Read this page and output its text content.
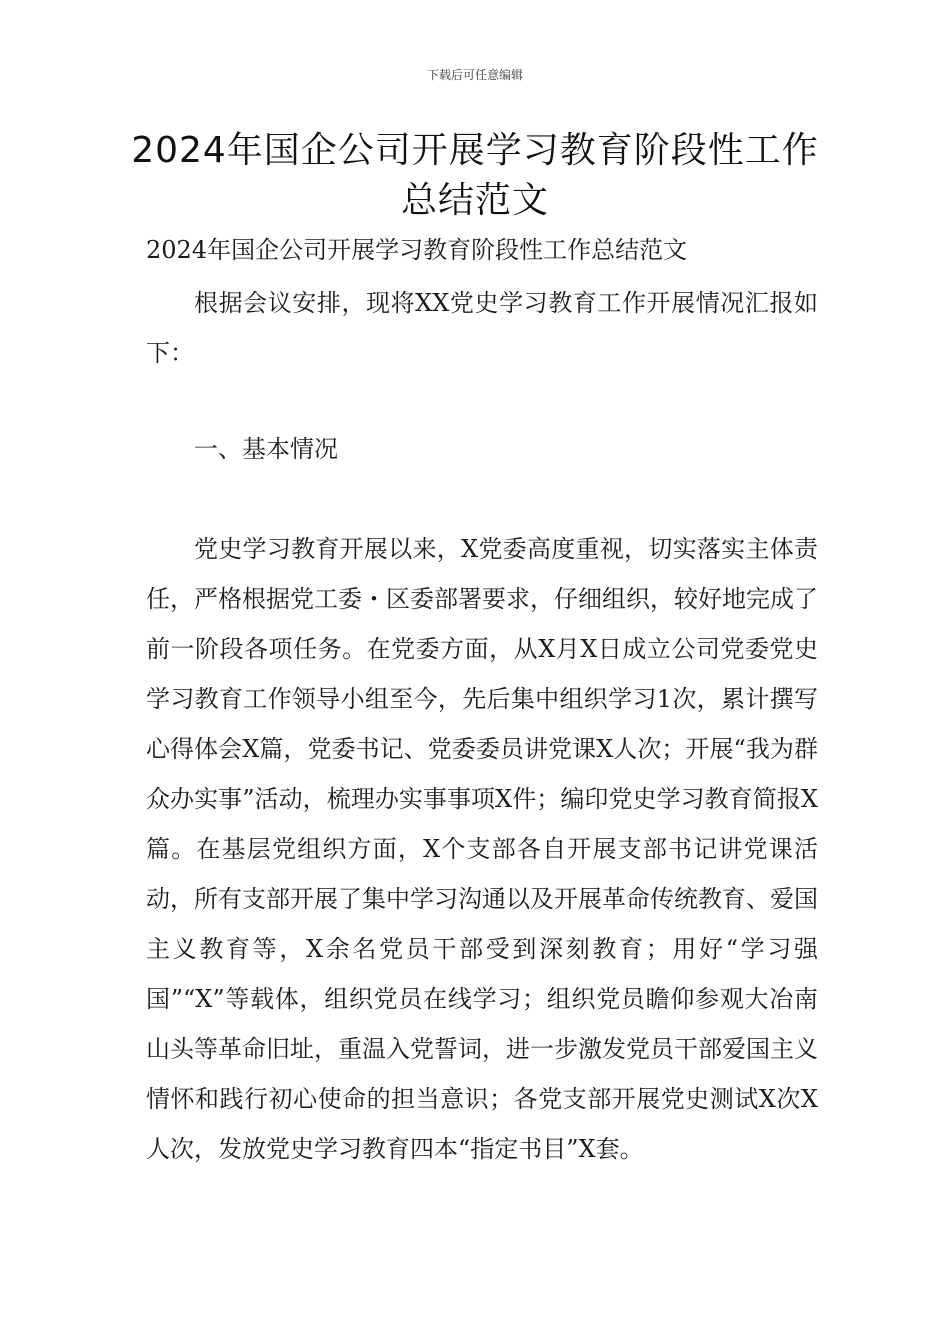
下载后可任意编辑
2024年国企公司开展学习教育阶段性工作总结范文

2024年国企公司开展学习教育阶段性工作总结范文

根据会议安排，现将XX党史学习教育工作开展情况汇报如下：

一、基本情况

党史学习教育开展以来，X党委高度重视，切实落实主体责任，严格根据党工委・区委部署要求，仔细组织，较好地完成了前一阶段各项任务。在党委方面，从X月X日成立公司党委党史学习教育工作领导小组至今，先后集中组织学习1次，累计撰写心得体会X篇，党委书记、党委委员讲党课X人次；开展“我为群众办实事”活动，梳理办实事事项X件；编印党史学习教育简报X篇。在基层党组织方面，X个支部各自开展支部书记讲党课活动，所有支部开展了集中学习沟通以及开展革命传统教育、爱国主义教育等，X余名党员干部受到深刻教育；用好“学习强国”“X”等载体，组织党员在线学习；组织党员瞻仰参观大冶南山头等革命旧址，重温入党誓词，进一步激发党员干部爱国主义情怀和践行初心使命的担当意识；各党支部开展党史测试X次X人次，发放党史学习教育四本“指定书目”X套。
